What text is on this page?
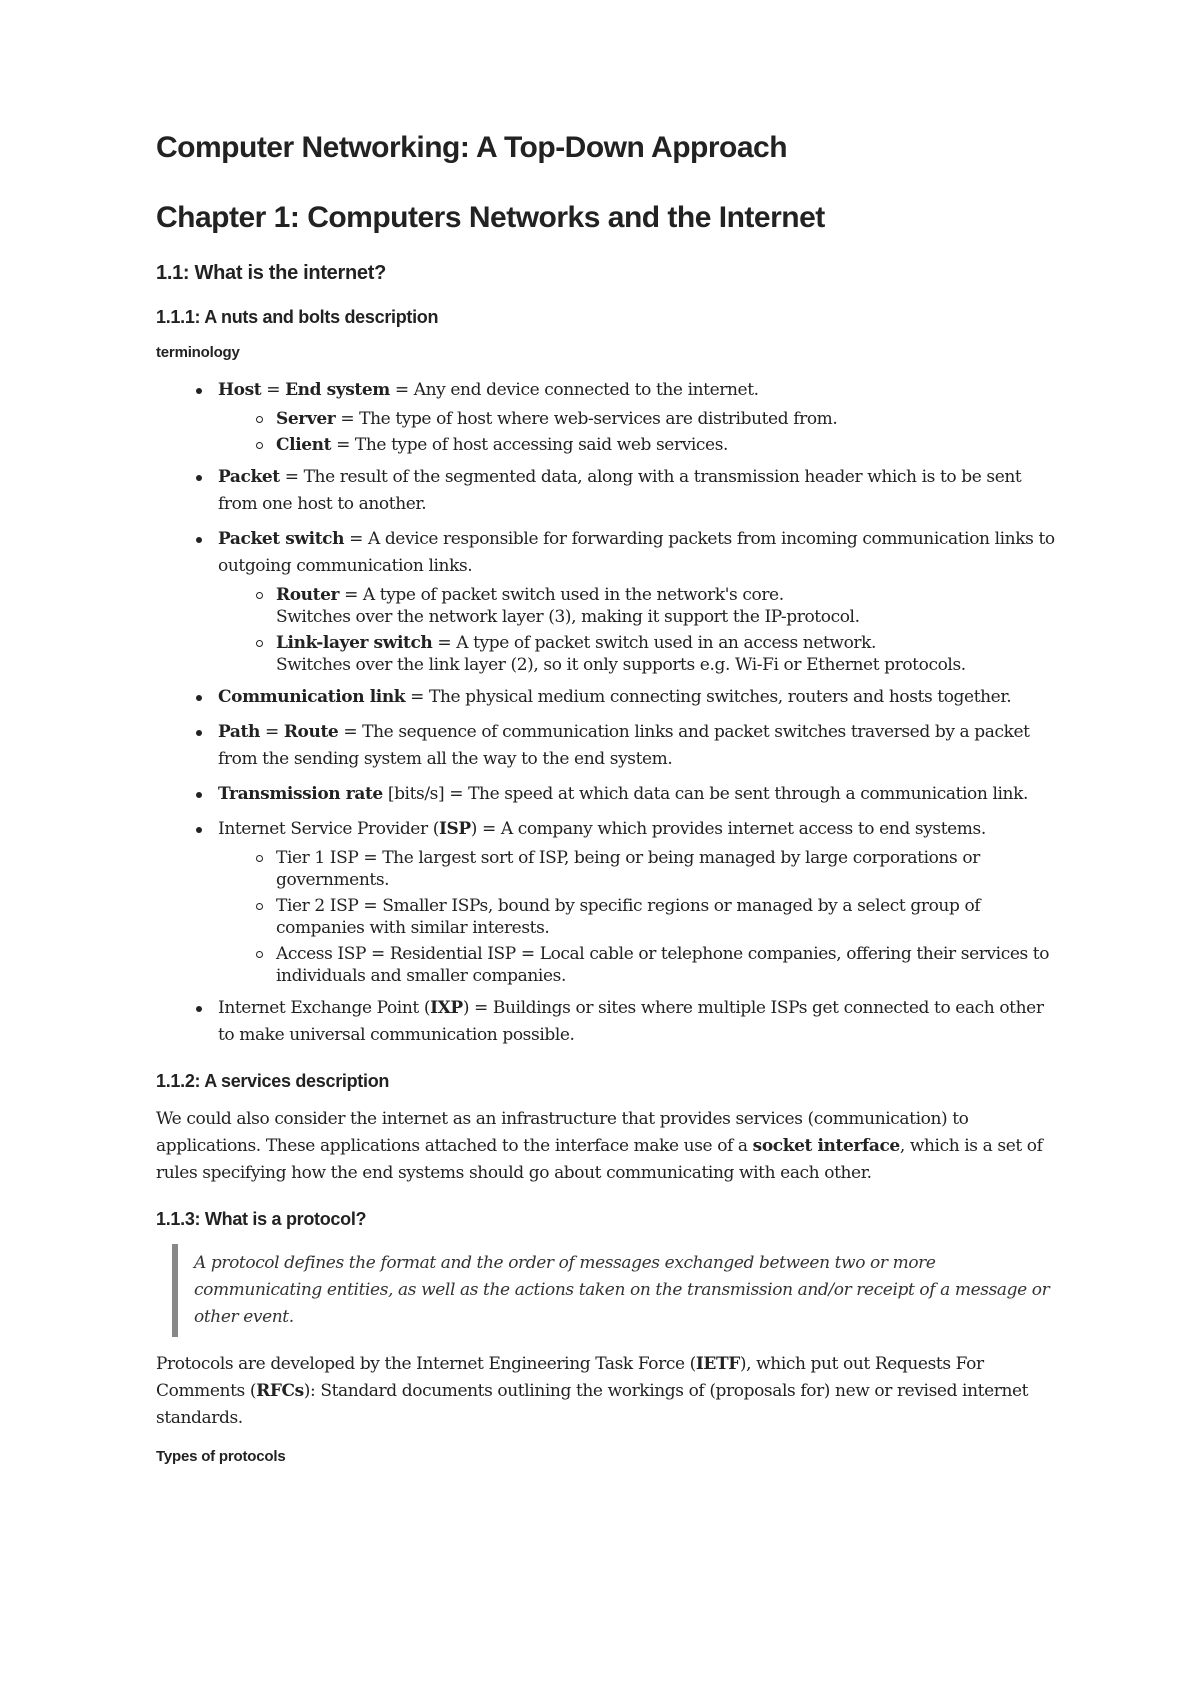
Computer Networking: A Top-Down Approach
Chapter 1: Computers Networks and the Internet
1.1: What is the internet?
1.1.1: A nuts and bolts description
terminology
Host = End system = Any end device connected to the internet.
Server = The type of host where web-services are distributed from.
Client = The type of host accessing said web services.
Packet = The result of the segmented data, along with a transmission header which is to be sent from one host to another.
Packet switch = A device responsible for forwarding packets from incoming communication links to outgoing communication links.
Router = A type of packet switch used in the network's core.
Switches over the network layer (3), making it support the IP-protocol.
Link-layer switch = A type of packet switch used in an access network.
Switches over the link layer (2), so it only supports e.g. Wi-Fi or Ethernet protocols.
Communication link = The physical medium connecting switches, routers and hosts together.
Path = Route = The sequence of communication links and packet switches traversed by a packet from the sending system all the way to the end system.
Transmission rate [bits/s] = The speed at which data can be sent through a communication link.
Internet Service Provider (ISP) = A company which provides internet access to end systems.
Tier 1 ISP = The largest sort of ISP, being or being managed by large corporations or governments.
Tier 2 ISP = Smaller ISPs, bound by specific regions or managed by a select group of companies with similar interests.
Access ISP = Residential ISP = Local cable or telephone companies, offering their services to individuals and smaller companies.
Internet Exchange Point (IXP) = Buildings or sites where multiple ISPs get connected to each other to make universal communication possible.
1.1.2: A services description

We could also consider the internet as an infrastructure that provides services (communication) to applications. These applications attached to the interface make use of a socket interface, which is a set of rules specifying how the end systems should go about communicating with each other.

1.1.3: What is a protocol?
A protocol defines the format and the order of messages exchanged between two or more communicating entities, as well as the actions taken on the transmission and/or receipt of a message or other event.

Protocols are developed by the Internet Engineering Task Force (IETF), which put out Requests For Comments (RFCs): Standard documents outlining the workings of (proposals for) new or revised internet standards.

Types of protocols
